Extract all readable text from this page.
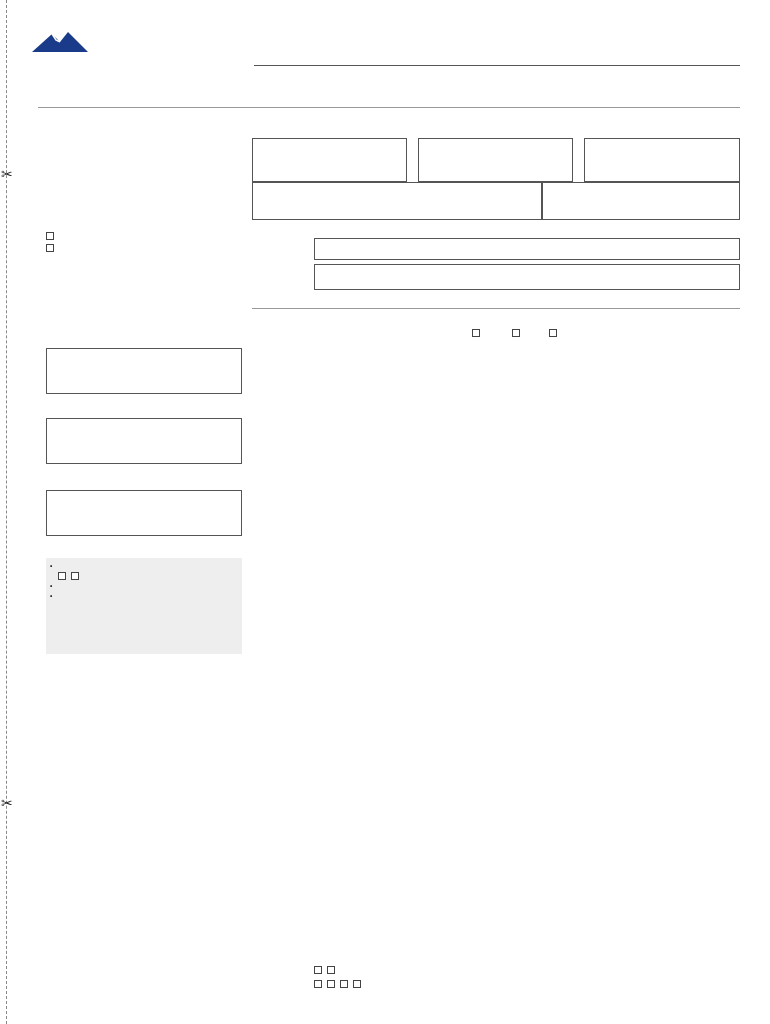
✂
✂
•

•
•
